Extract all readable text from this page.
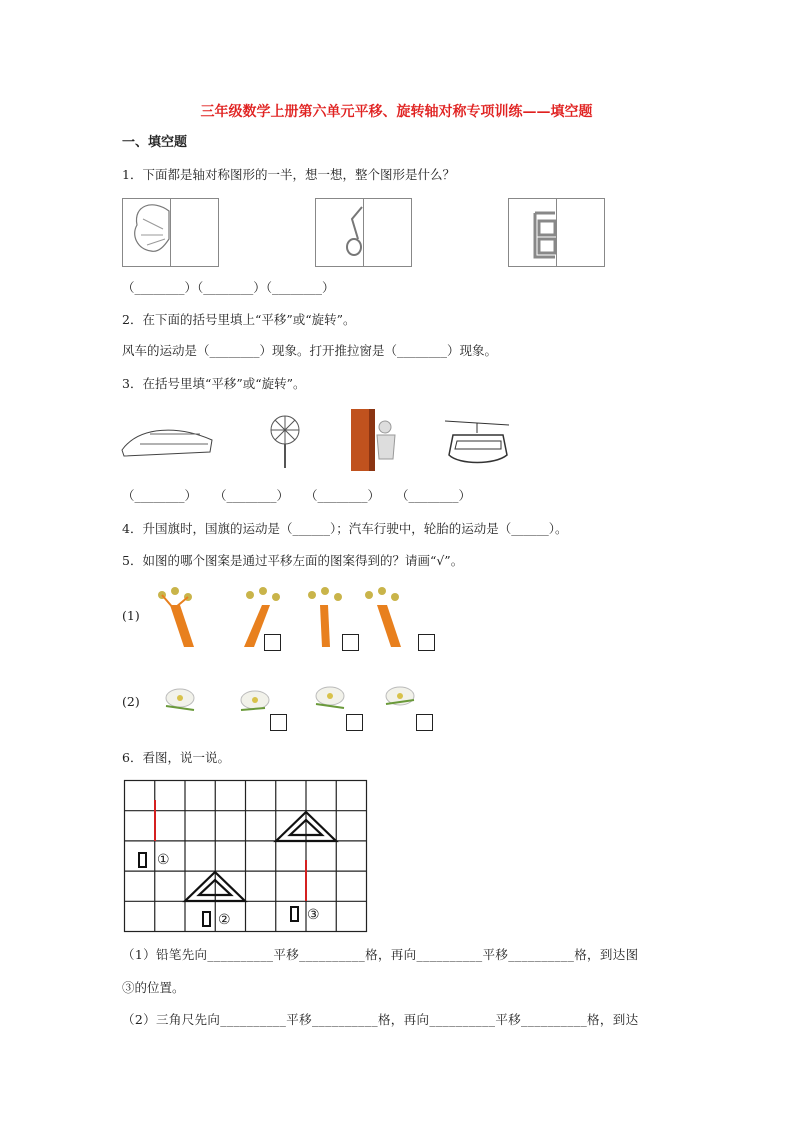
三年级数学上册第六单元平移、旋转轴对称专项训练——填空题
一、填空题
1．下面都是轴对称图形的一半，想一想，整个图形是什么？
（________）（________）（________）
2．在下面的括号里填上“平移”或“旋转”。
风车的运动是（________）现象。打开推拉窗是（________）现象。
3．在括号里填“平移”或“旋转”。
（________） （________） （________） （________）
4．升国旗时，国旗的运动是（______）；汽车行驶中，轮胎的运动是（______）。
5．如图的哪个图案是通过平移左面的图案得到的？请画“√”。
(1)
(2)
6．看图，说一说。
①
②	③
（1）铅笔先向__________平移__________格，再向__________平移__________格，到达图
③的位置。
（2）三角尺先向__________平移__________格，再向__________平移__________格，到达
